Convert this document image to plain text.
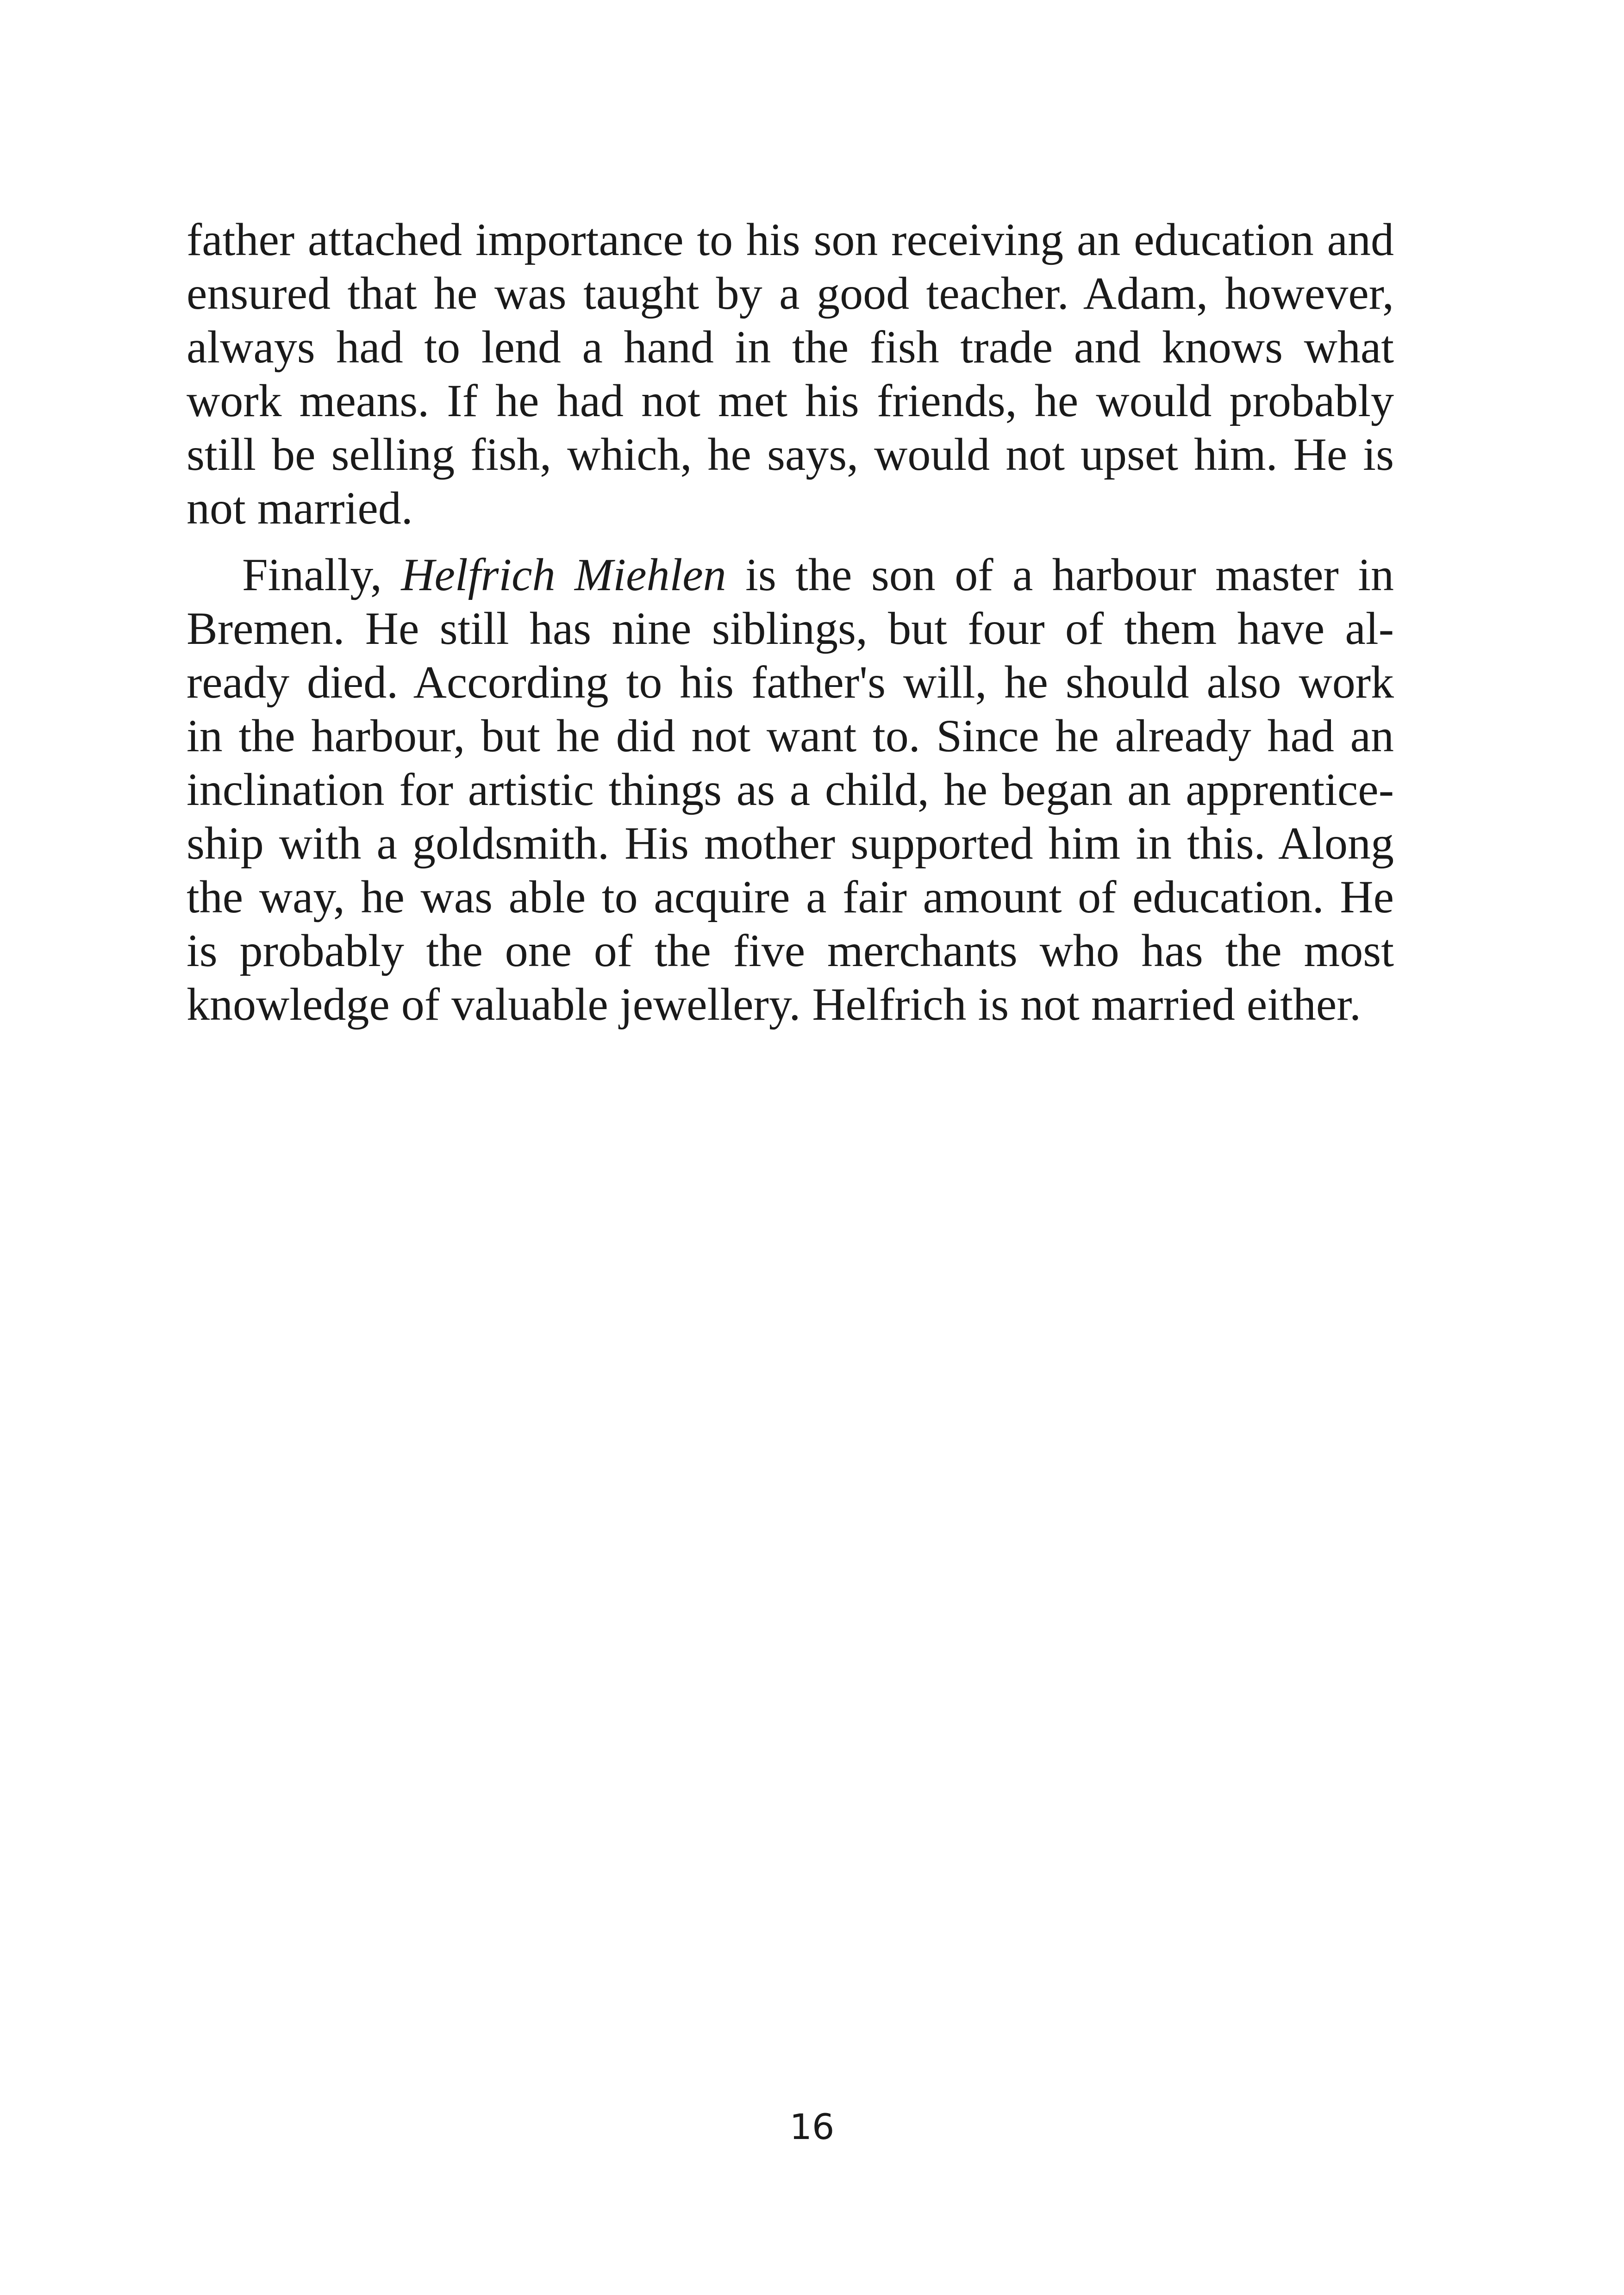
father attached importance to his son receiving an education and
ensured that he was taught by a good teacher. Adam, however,
always had to lend a hand in the fish trade and knows what
work means. If he had not met his friends, he would probably
still be selling fish, which, he says, would not upset him. He is
not married.
Finally, Helfrich Miehlen is the son of a harbour master in
Bremen. He still has nine siblings, but four of them have al-
ready died. According to his father's will, he should also work
in the harbour, but he did not want to. Since he already had an
inclination for artistic things as a child, he began an apprentice-
ship with a goldsmith. His mother supported him in this. Along
the way, he was able to acquire a fair amount of education. He
is probably the one of the five merchants who has the most
knowledge of valuable jewellery. Helfrich is not married either.
16
